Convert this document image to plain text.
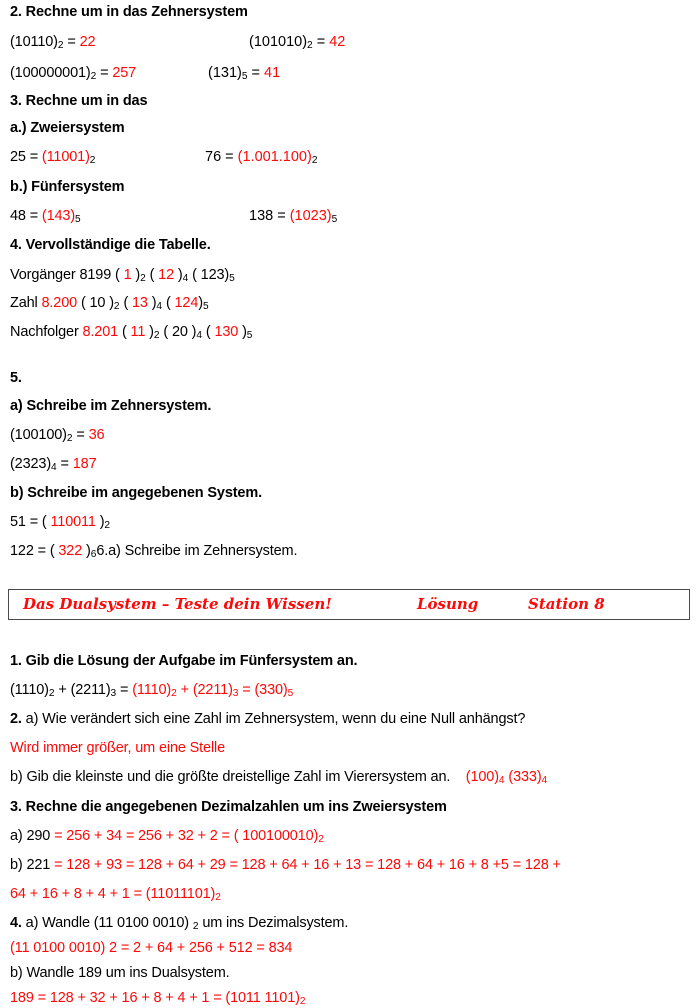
2. Rechne um in das Zehnersystem
$(10110)_2 = 22$	$(101010)_2 = 42$
$(100000001)_2 = 257$	$(131)_5 = 41$
3. Rechne um in das
a.) Zweiersystem
$25 = (11001)_2$	$76 = (1.001.100)_2$
b.) Fünfersystem
$48 = (143)_5$	$138 = (1023)_5$
4. Vervollständige die Tabelle.
Vorgänger 8199 ( 1 )$_2$ ( 12 )$_4$ ( $123)_5$
Zahl 8.200 ( 10 )$_2$ ( 13 )$_4$ ( $124)_5$
Nachfolger 8.201 ( 11 )$_2$ ( 20 )$_4$ ( 130 )$_5$
5.
a) Schreibe im Zehnersystem.
$(100100)_2 = 36$
$(2323)_4 = 187$
b) Schreibe im angegebenen System.
51 = ( 110011 )$_2$
122 = ( 322 )$_66.a$) Schreibe im Zehnersystem.
Das Dualsystem – Teste dein Wissen!	Lösung	Station 8
1. Gib die Lösung der Aufgabe im Fünfersystem an.
$(1110)_2 + (2211)_3 = (1110)_2 + (2211)_3 = (330)_5$
2. a) Wie verändert sich eine Zahl im Zehnersystem, wenn du eine Null anhängst?
Wird immer größer, um eine Stelle
b) Gib die kleinste und die größte dreistellige Zahl im Vierersystem an. $(100)_4$ $(333)_4$
3. Rechne die angegebenen Dezimalzahlen um ins Zweiersystem
a) 290 = 256 + 34 = 256 + 32 + 2 = ( $100100010)_2$
b) 221 = 128 + 93 = 128 + 64 + 29 = 128 + 64 + 16 + 13 = 128 + 64 + 16 + 8 +5 = 128 +
$64 + 16 + 8 + 4 + 1 = (11011101)_2$
4. a) Wandle (11 0100 0010) $_2$ um ins Dezimalsystem.
(11 0100 0010) 2 = 2 + 64 + 256 + 512 = 834
b) Wandle 189 um ins Dualsystem.
189 = 128 + 32 + 16 + 8 + 4 + 1 = (1011 $1101)_2$
